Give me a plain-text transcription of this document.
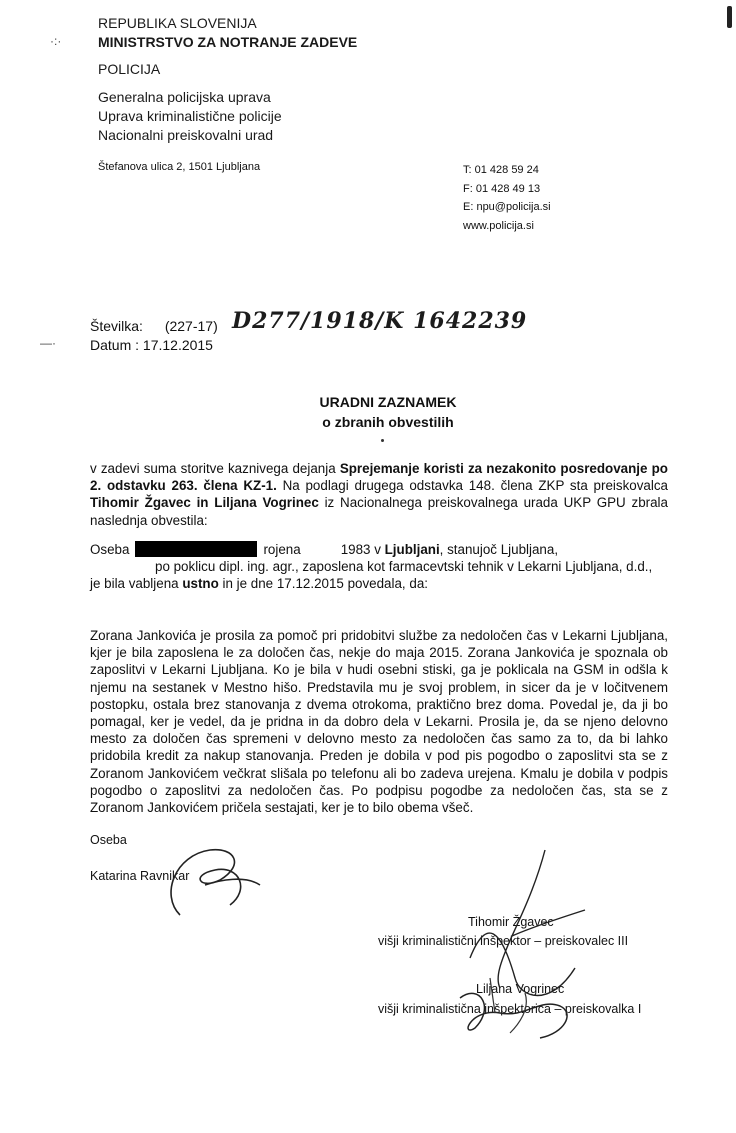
·:·
—·
REPUBLIKA SLOVENIJA
MINISTRSTVO ZA NOTRANJE ZADEVE
POLICIJA
Generalna policijska uprava
Uprava kriminalistične policije
Nacionalni preiskovalni urad
Štefanova ulica 2, 1501 Ljubljana	T: 01 428 59 24
F: 01 428 49 13
E: npu@policija.si
www.policija.si
Številka: (227-17) D277/1918/K 1642239
Datum : 17.12.2015
URADNI ZAZNAMEK
o zbranih obvestilih
v zadevi suma storitve kaznivega dejanja Sprejemanje koristi za nezakonito posredovanje po 2. odstavku 263. člena KZ-1. Na podlagi drugega odstavka 148. člena ZKP sta preiskovalca Tihomir Žgavec in Liljana Vogrinec iz Nacionalnega preiskovalnega urada UKP GPU zbrala naslednja obvestila:
Oseba	rojena	1983 v Ljubljani, stanujoč Ljubljana,
po poklicu dipl. ing. agr., zaposlena kot farmacevtski tehnik v Lekarni Ljubljana, d.d.,
je bila vabljena ustno in je dne 17.12.2015 povedala, da:
Zorana Jankovića je prosila za pomoč pri pridobitvi službe za nedoločen čas v Lekarni Ljubljana, kjer je bila zaposlena le za določen čas, nekje do maja 2015. Zorana Jankovića je spoznala ob zaposlitvi v Lekarni Ljubljana. Ko je bila v hudi osebni stiski, ga je poklicala na GSM in odšla k njemu na sestanek v Mestno hišo. Predstavila mu je svoj problem, in sicer da je v ločitvenem postopku, ostala brez stanovanja z dvema otrokoma, praktično brez doma. Povedal je, da ji bo pomagal, ker je vedel, da je pridna in da dobro dela v Lekarni. Prosila je, da se njeno delovno mesto za določen čas spremeni v delovno mesto za nedoločen čas samo za to, da bi lahko pridobila kredit za nakup stanovanja. Preden je dobila v pod pis pogodbo o zaposlitvi sta se z Zoranom Jankovićem večkrat slišala po telefonu ali bo zadeva urejena. Kmalu je dobila v podpis pogodbo o zaposlitvi za nedoločen čas. Po podpisu pogodbe za nedoločen čas, sta se z Zoranom Jankovićem pričela sestajati, ker je to bilo obema všeč.
Oseba
Katarina Ravnikar
Tihomir Žgavec
višji kriminalistični inšpektor – preiskovalec III
Liljana Vogrinec
višji kriminalistična inšpektorica – preiskovalka I
